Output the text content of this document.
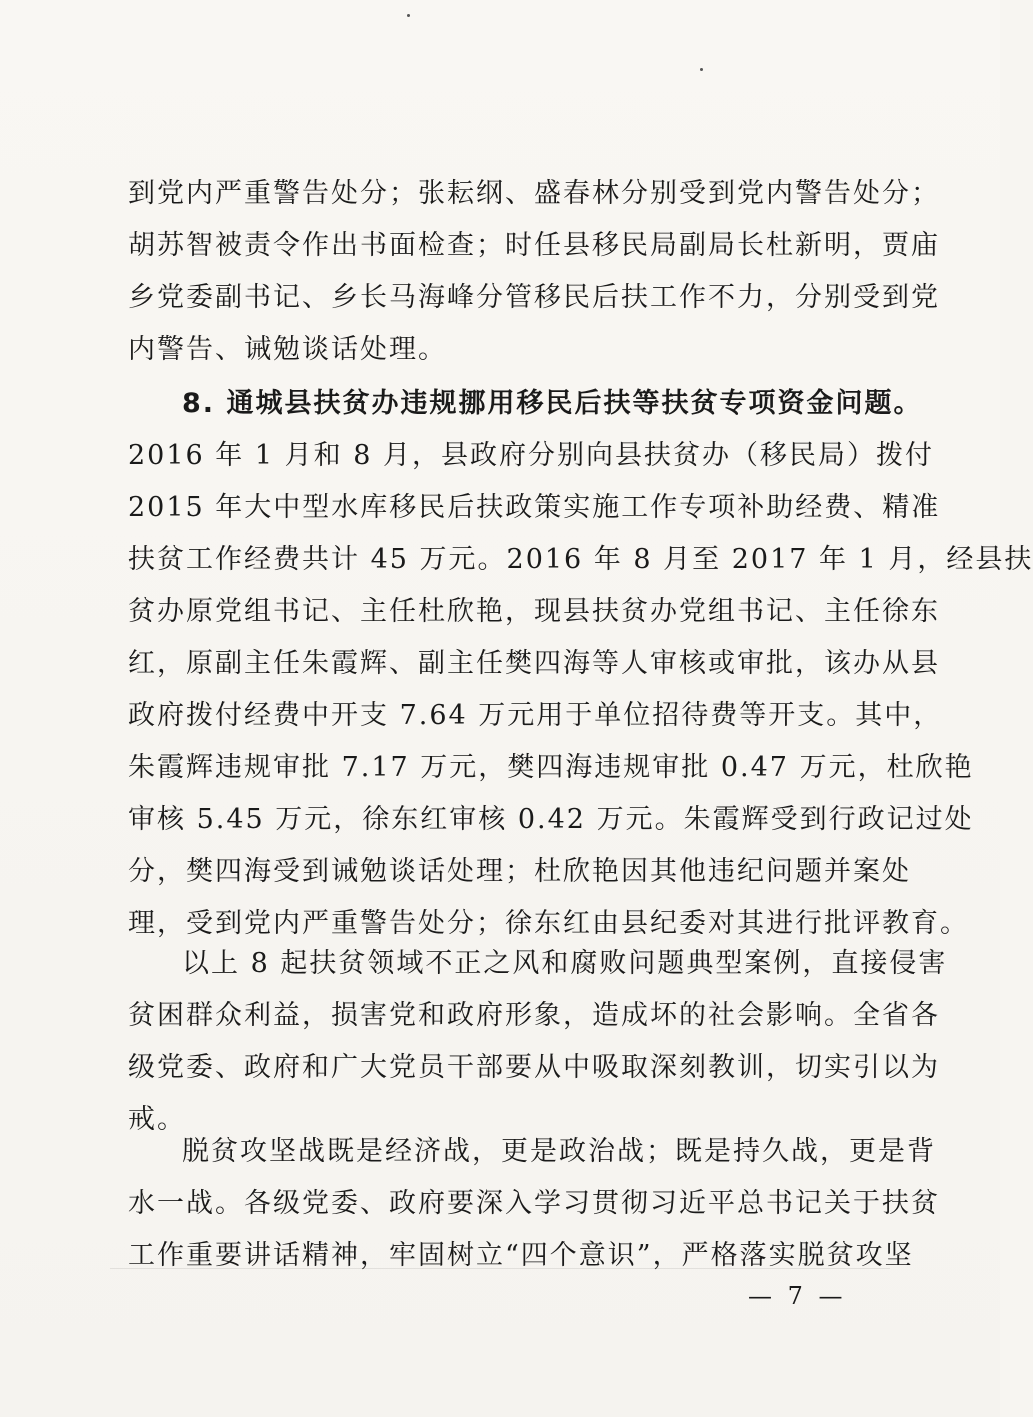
到党内严重警告处分；张耘纲、盛春林分别受到党内警告处分；
胡苏智被责令作出书面检查；时任县移民局副局长杜新明，贾庙
乡党委副书记、乡长马海峰分管移民后扶工作不力，分别受到党
内警告、诫勉谈话处理。
8. 通城县扶贫办违规挪用移民后扶等扶贫专项资金问题。
2016 年 1 月和 8 月，县政府分别向县扶贫办（移民局）拨付
2015 年大中型水库移民后扶政策实施工作专项补助经费、精准
扶贫工作经费共计 45 万元。2016 年 8 月至 2017 年 1 月，经县扶
贫办原党组书记、主任杜欣艳，现县扶贫办党组书记、主任徐东
红，原副主任朱霞辉、副主任樊四海等人审核或审批，该办从县
政府拨付经费中开支 7.64 万元用于单位招待费等开支。其中，
朱霞辉违规审批 7.17 万元，樊四海违规审批 0.47 万元，杜欣艳
审核 5.45 万元，徐东红审核 0.42 万元。朱霞辉受到行政记过处
分，樊四海受到诫勉谈话处理；杜欣艳因其他违纪问题并案处
理，受到党内严重警告处分；徐东红由县纪委对其进行批评教育。
以上 8 起扶贫领域不正之风和腐败问题典型案例，直接侵害
贫困群众利益，损害党和政府形象，造成坏的社会影响。全省各
级党委、政府和广大党员干部要从中吸取深刻教训，切实引以为
戒。
脱贫攻坚战既是经济战，更是政治战；既是持久战，更是背
水一战。各级党委、政府要深入学习贯彻习近平总书记关于扶贫
工作重要讲话精神，牢固树立“四个意识”，严格落实脱贫攻坚
— 7 —
